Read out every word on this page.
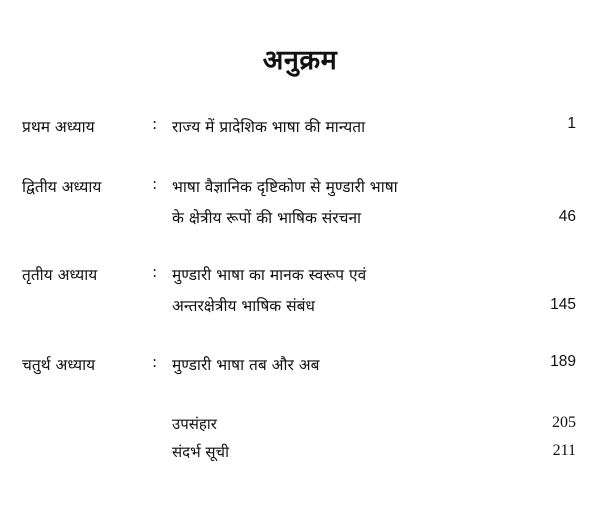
अनुक्रम
प्रथम अध्याय	: राज्य में प्रादेशिक भाषा की मान्यता	1
द्वितीय अध्याय	: भाषा वैज्ञानिक दृष्टिकोण से मुण्डारी भाषा
के क्षेत्रीय रूपों की भाषिक संरचना	46
तृतीय अध्याय	: मुण्डारी भाषा का मानक स्वरूप एवं
अन्तरक्षेत्रीय भाषिक संबंध	145
चतुर्थ अध्याय	: मुण्डारी भाषा तब और अब	189
उपसंहार	205
संदर्भ सूची	211
